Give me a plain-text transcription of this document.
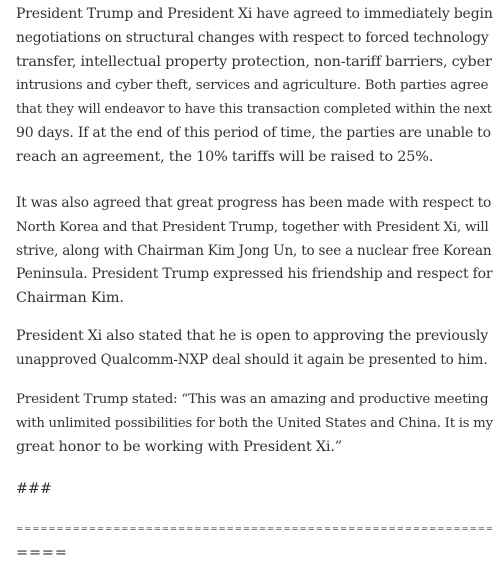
President Trump and President Xi have agreed to immediately begin
negotiations on structural changes with respect to forced technology
transfer, intellectual property protection, non-tariff barriers, cyber
intrusions and cyber theft, services and agriculture. Both parties agree
that they will endeavor to have this transaction completed within the next
90 days. If at the end of this period of time, the parties are unable to
reach an agreement, the 10% tariffs will be raised to 25%.
It was also agreed that great progress has been made with respect to
North Korea and that President Trump, together with President Xi, will
strive, along with Chairman Kim Jong Un, to see a nuclear free Korean
Peninsula. President Trump expressed his friendship and respect for
Chairman Kim.
President Xi also stated that he is open to approving the previously
unapproved Qualcomm-NXP deal should it again be presented to him.
President Trump stated: “This was an amazing and productive meeting
with unlimited possibilities for both the United States and China. It is my
great honor to be working with President Xi.”
###
===========================================================
====
